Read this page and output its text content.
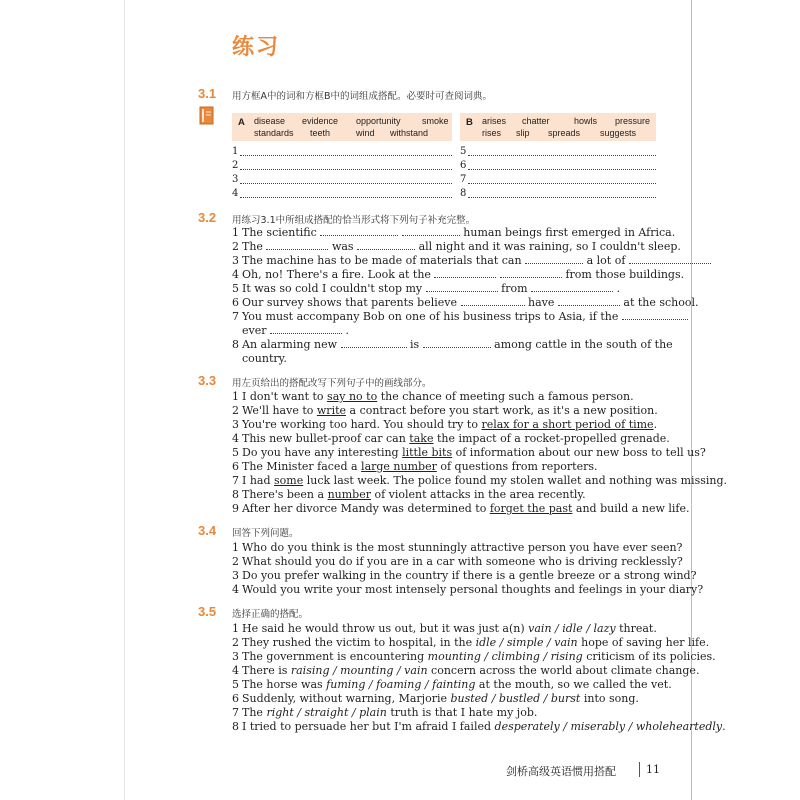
练习
3.1 用方框A中的词和方框B中的词组成搭配。必要时可查阅词典。
A disease evidence opportunity smoke
standards teeth	wind withstand
B arises chatter	howls pressure
rises slip spreads suggests
1
2
3
4
5
6
7
8
3.2 用练习3.1中所组成搭配的恰当形式将下列句子补充完整。
1 The scientific	human beings first emerged in Africa.
2 The	was	all night and it was raining, so I couldn't sleep.
3 The machine has to be made of materials that can	a lot of
4 Oh, no! There's a fire. Look at the	from those buildings.
5 It was so cold I couldn't stop my	from	.
6 Our survey shows that parents believe	have	at the school.
7 You must accompany Bob on one of his business trips to Asia, if the
ever	.
8 An alarming new	is	among cattle in the south of the
country.
3.3 用左页给出的搭配改写下列句子中的画线部分。
1 I don't want to say no to the chance of meeting such a famous person.
2 We'll have to write a contract before you start work, as it's a new position.
3 You're working too hard. You should try to relax for a short period of time.
4 This new bullet-proof car can take the impact of a rocket-propelled grenade.
5 Do you have any interesting little bits of information about our new boss to tell us?
6 The Minister faced a large number of questions from reporters.
7 I had some luck last week. The police found my stolen wallet and nothing was missing.
8 There's been a number of violent attacks in the area recently.
9 After her divorce Mandy was determined to forget the past and build a new life.
3.4 回答下列问题。
1 Who do you think is the most stunningly attractive person you have ever seen?
2 What should you do if you are in a car with someone who is driving recklessly?
3 Do you prefer walking in the country if there is a gentle breeze or a strong wind?
4 Would you write your most intensely personal thoughts and feelings in your diary?
3.5 选择正确的搭配。
1 He said he would throw us out, but it was just a(n) vain / idle / lazy threat.
2 They rushed the victim to hospital, in the idle / simple / vain hope of saving her life.
3 The government is encountering mounting / climbing / rising criticism of its policies.
4 There is raising / mounting / vain concern across the world about climate change.
5 The horse was fuming / foaming / fainting at the mouth, so we called the vet.
6 Suddenly, without warning, Marjorie busted / bustled / burst into song.
7 The right / straight / plain truth is that I hate my job.
8 I tried to persuade her but I'm afraid I failed desperately / miserably / wholeheartedly.
剑桥高级英语惯用搭配	11
